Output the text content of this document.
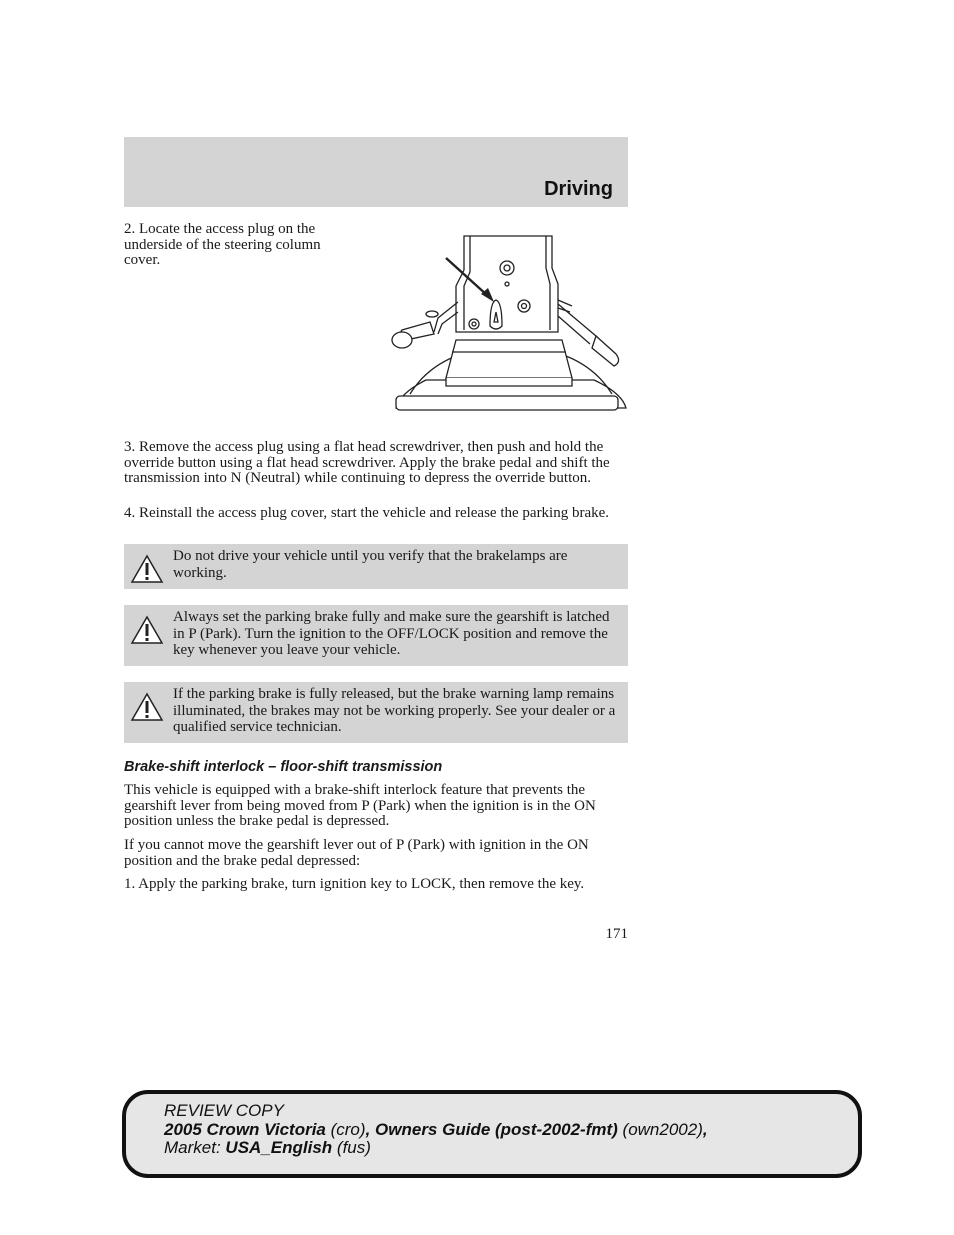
Driving

2. Locate the access plug on the underside of the steering column cover.

3. Remove the access plug using a flat head screwdriver, then push and hold the override button using a flat head screwdriver. Apply the brake pedal and shift the transmission into N (Neutral) while continuing to depress the override button.

4. Reinstall the access plug cover, start the vehicle and release the parking brake.

Do not drive your vehicle until you verify that the brakelamps are working.
Always set the parking brake fully and make sure the gearshift is latched in P (Park). Turn the ignition to the OFF/LOCK position and remove the key whenever you leave your vehicle.
If the parking brake is fully released, but the brake warning lamp remains illuminated, the brakes may not be working properly. See your dealer or a qualified service technician.
Brake-shift interlock – floor-shift transmission

This vehicle is equipped with a brake-shift interlock feature that prevents the gearshift lever from being moved from P (Park) when the ignition is in the ON position unless the brake pedal is depressed.

If you cannot move the gearshift lever out of P (Park) with ignition in the ON position and the brake pedal depressed:

1. Apply the parking brake, turn ignition key to LOCK, then remove the key.

171
REVIEW COPY
2005 Crown Victoria (cro), Owners Guide (post-2002-fmt) (own2002),
Market: USA_English (fus)
